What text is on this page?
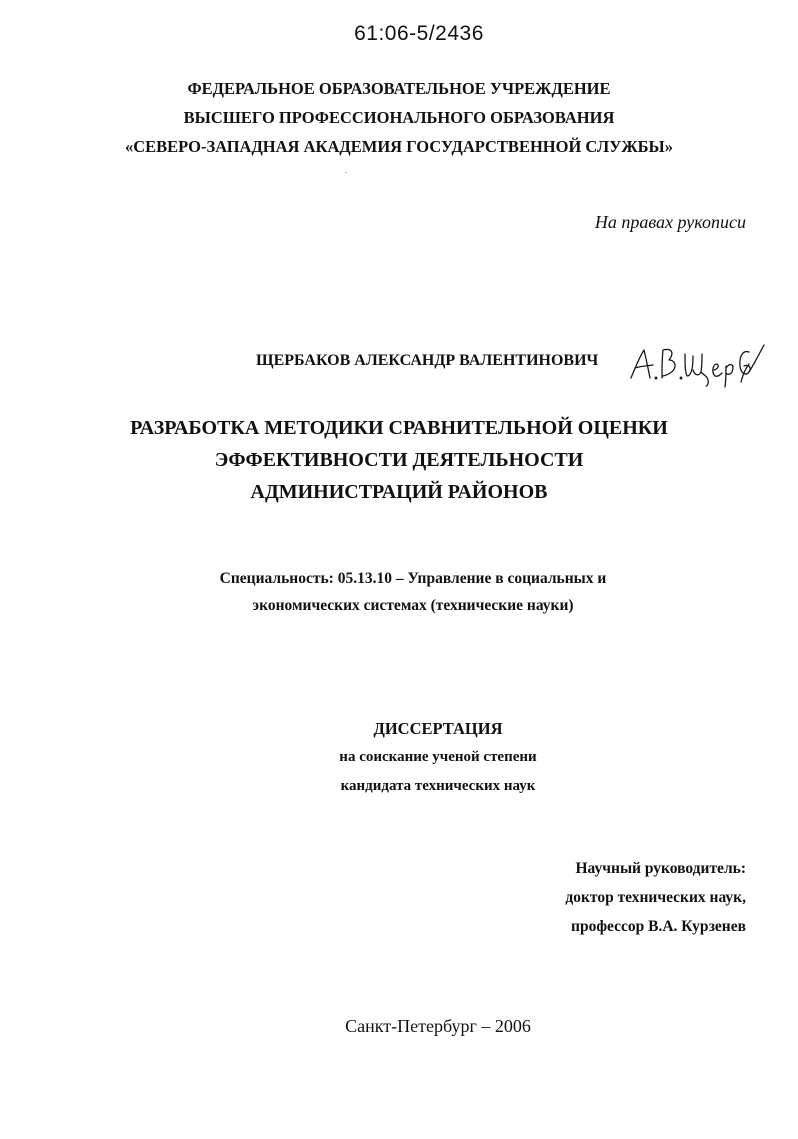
61:06-5/2436
ФЕДЕРАЛЬНОЕ ОБРАЗОВАТЕЛЬНОЕ УЧРЕЖДЕНИЕ
ВЫСШЕГО ПРОФЕССИОНАЛЬНОГО ОБРАЗОВАНИЯ
«СЕВЕРО-ЗАПАДНАЯ АКАДЕМИЯ ГОСУДАРСТВЕННОЙ СЛУЖБЫ»
На правах рукописи
ЩЕРБАКОВ АЛЕКСАНДР ВАЛЕНТИНОВИЧ
РАЗРАБОТКА МЕТОДИКИ СРАВНИТЕЛЬНОЙ ОЦЕНКИ
ЭФФЕКТИВНОСТИ ДЕЯТЕЛЬНОСТИ
АДМИНИСТРАЦИЙ РАЙОНОВ
Специальность: 05.13.10 – Управление в социальных и
экономических системах (технические науки)
ДИССЕРТАЦИЯ
на соискание ученой степени
кандидата технических наук
Научный руководитель:
доктор технических наук,
профессор В.А. Курзенев
Санкт-Петербург – 2006
